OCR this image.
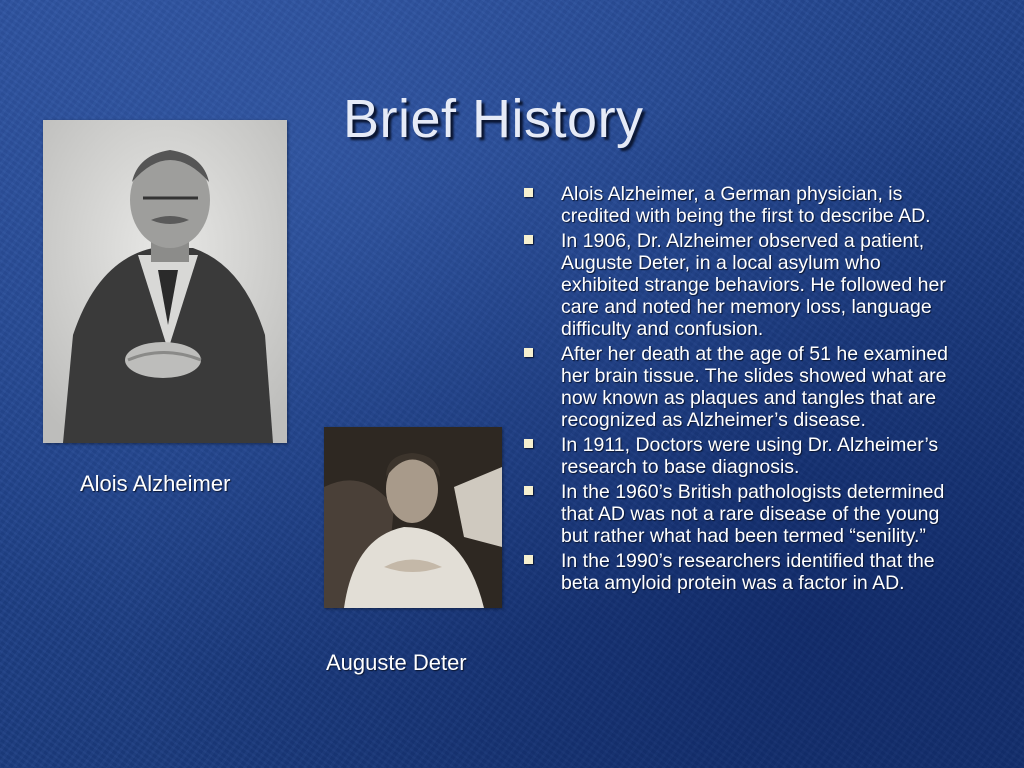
Brief History
Alois Alzheimer
Auguste Deter
Alois Alzheimer, a German physician, is credited with being the first to describe AD.
In 1906, Dr. Alzheimer observed a patient, Auguste Deter, in a local asylum who exhibited strange behaviors. He followed her care and noted her memory loss, language difficulty and confusion.
After her death at the age of 51 he examined her brain tissue. The slides showed what are now known as plaques and tangles that are recognized as Alzheimer’s disease.
In 1911, Doctors were using Dr. Alzheimer’s research to base diagnosis.
In the 1960’s British pathologists determined that AD was not a rare disease of the young but rather what had been termed “senility.”
In the 1990’s researchers identified that the beta amyloid protein was a factor in AD.
